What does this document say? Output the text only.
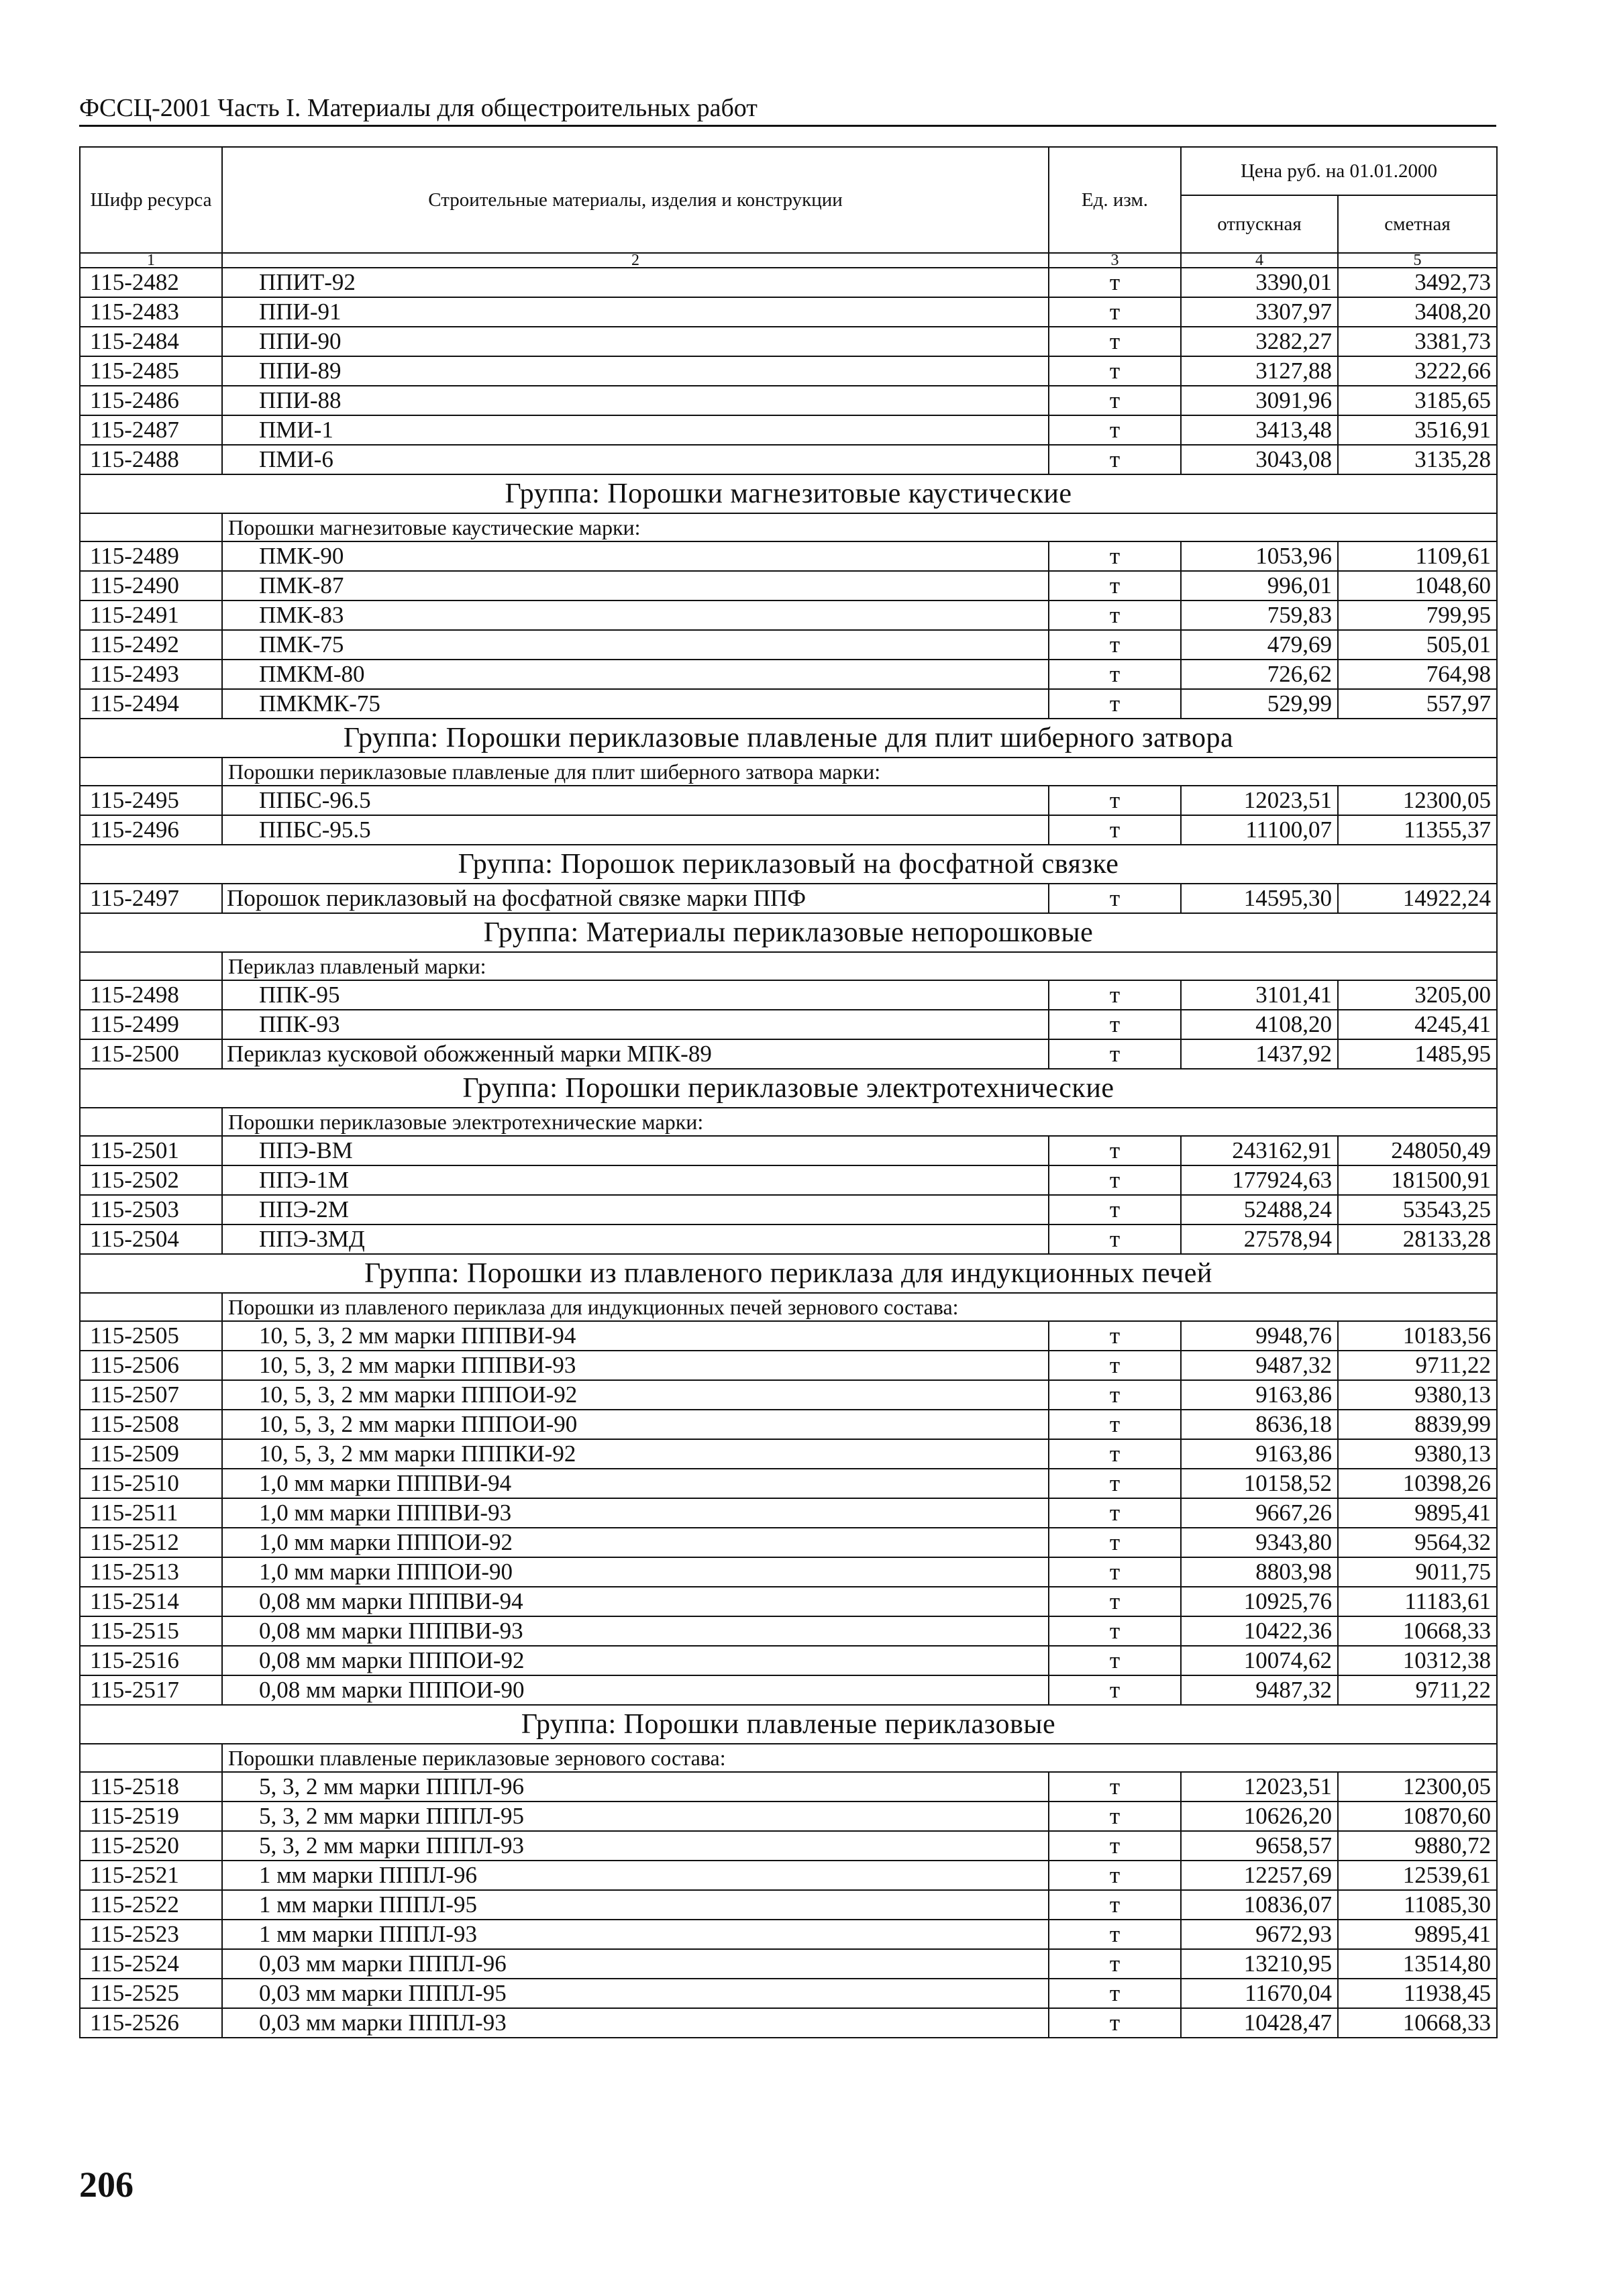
ФССЦ-2001 Часть I. Материалы для общестроительных работ
Шифр ресурса	Строительные материалы, изделия и конструкции	Ед. изм.	Цена руб. на 01.01.2000	
			отпускная	сметная
1	2	3	4	5
115-2482	ППИТ-92	т	3390,01	3492,73
115-2483	ППИ-91	т	3307,97	3408,20
115-2484	ППИ-90	т	3282,27	3381,73
115-2485	ППИ-89	т	3127,88	3222,66
115-2486	ППИ-88	т	3091,96	3185,65
115-2487	ПМИ-1	т	3413,48	3516,91
115-2488	ПМИ-6	т	3043,08	3135,28
Группа: Порошки магнезитовые каустические				
	Порошки магнезитовые каустические марки:			
115-2489	ПМК-90	т	1053,96	1109,61
115-2490	ПМК-87	т	996,01	1048,60
115-2491	ПМК-83	т	759,83	799,95
115-2492	ПМК-75	т	479,69	505,01
115-2493	ПМКМ-80	т	726,62	764,98
115-2494	ПМКМК-75	т	529,99	557,97
Группа: Порошки периклазовые плавленые для плит шиберного затвора				
	Порошки периклазовые плавленые для плит шиберного затвора марки:			
115-2495	ППБС-96.5	т	12023,51	12300,05
115-2496	ППБС-95.5	т	11100,07	11355,37
Группа: Порошок периклазовый на фосфатной связке				
115-2497	Порошок периклазовый на фосфатной связке марки ППФ	т	14595,30	14922,24
Группа: Материалы периклазовые непорошковые				
	Периклаз плавленый марки:			
115-2498	ППК-95	т	3101,41	3205,00
115-2499	ППК-93	т	4108,20	4245,41
115-2500	Периклаз кусковой обожженный марки МПК-89	т	1437,92	1485,95
Группа: Порошки периклазовые электротехнические				
	Порошки периклазовые электротехнические марки:			
115-2501	ППЭ-ВМ	т	243162,91	248050,49
115-2502	ППЭ-1М	т	177924,63	181500,91
115-2503	ППЭ-2М	т	52488,24	53543,25
115-2504	ППЭ-3МД	т	27578,94	28133,28
Группа: Порошки из плавленого периклаза для индукционных печей				
	Порошки из плавленого периклаза для индукционных печей зернового состава:			
115-2505	10, 5, 3, 2 мм марки ПППВИ-94	т	9948,76	10183,56
115-2506	10, 5, 3, 2 мм марки ПППВИ-93	т	9487,32	9711,22
115-2507	10, 5, 3, 2 мм марки ПППОИ-92	т	9163,86	9380,13
115-2508	10, 5, 3, 2 мм марки ПППОИ-90	т	8636,18	8839,99
115-2509	10, 5, 3, 2 мм марки ПППКИ-92	т	9163,86	9380,13
115-2510	1,0 мм марки ПППВИ-94	т	10158,52	10398,26
115-2511	1,0 мм марки ПППВИ-93	т	9667,26	9895,41
115-2512	1,0 мм марки ПППОИ-92	т	9343,80	9564,32
115-2513	1,0 мм марки ПППОИ-90	т	8803,98	9011,75
115-2514	0,08 мм марки ПППВИ-94	т	10925,76	11183,61
115-2515	0,08 мм марки ПППВИ-93	т	10422,36	10668,33
115-2516	0,08 мм марки ПППОИ-92	т	10074,62	10312,38
115-2517	0,08 мм марки ПППОИ-90	т	9487,32	9711,22
Группа: Порошки плавленые периклазовые				
	Порошки плавленые периклазовые зернового состава:			
115-2518	5, 3, 2 мм марки ПППЛ-96	т	12023,51	12300,05
115-2519	5, 3, 2 мм марки ПППЛ-95	т	10626,20	10870,60
115-2520	5, 3, 2 мм марки ПППЛ-93	т	9658,57	9880,72
115-2521	1 мм марки ПППЛ-96	т	12257,69	12539,61
115-2522	1 мм марки ПППЛ-95	т	10836,07	11085,30
115-2523	1 мм марки ПППЛ-93	т	9672,93	9895,41
115-2524	0,03 мм марки ПППЛ-96	т	13210,95	13514,80
115-2525	0,03 мм марки ПППЛ-95	т	11670,04	11938,45
115-2526	0,03 мм марки ПППЛ-93	т	10428,47	10668,33
206
